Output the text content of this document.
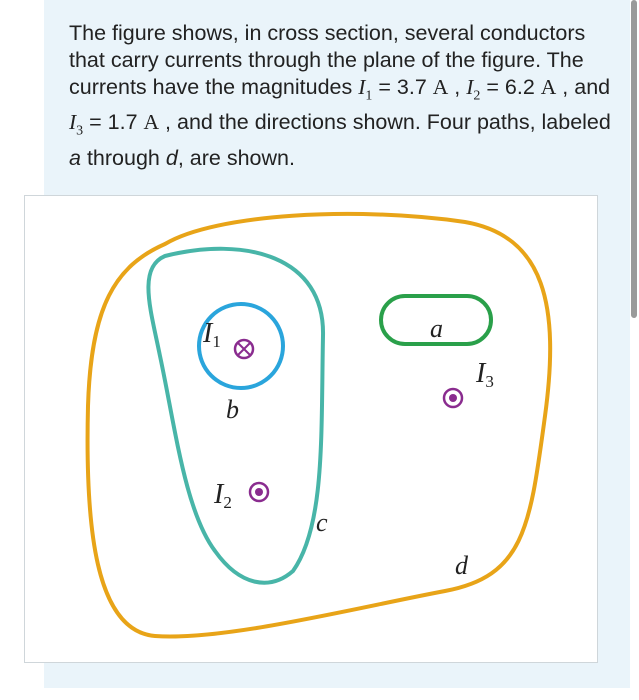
The figure shows, in cross section, several conductors that carry currents through the plane of the figure. The currents have the magnitudes $I_1 = 3.7$ A , $I_2 = 6.2$ A , and $I_3 = 1.7$ A , and the directions shown. Four paths, labeled a through d, are shown.
I1
I2
I3
a
b
c
d
